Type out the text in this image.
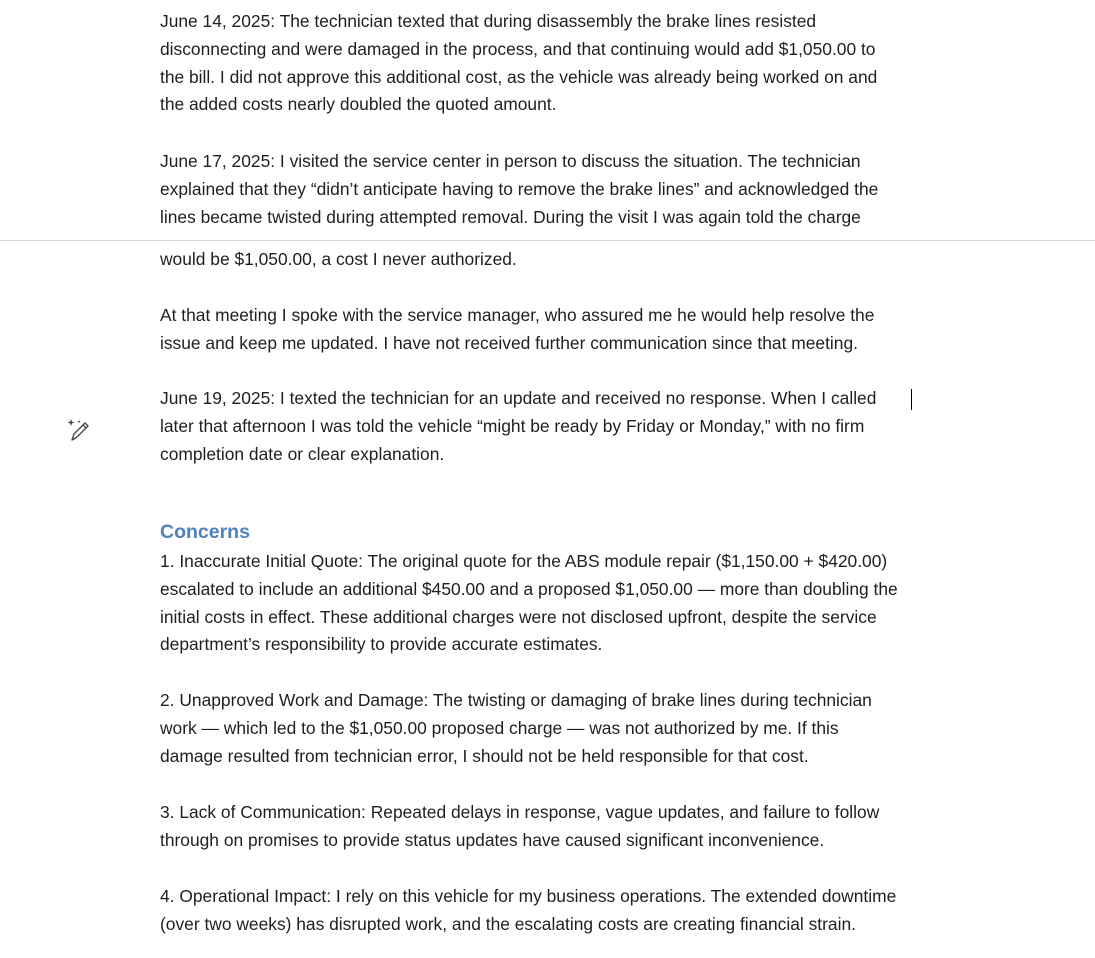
June 14, 2025: The technician texted that during disassembly the brake lines resisted
disconnecting and were damaged in the process, and that continuing would add $1,050.00 to
the bill. I did not approve this additional cost, as the vehicle was already being worked on and
the added costs nearly doubled the quoted amount.

June 17, 2025: I visited the service center in person to discuss the situation. The technician
explained that they “didn’t anticipate having to remove the brake lines” and acknowledged the
lines became twisted during attempted removal. During the visit I was again told the charge

would be $1,050.00, a cost I never authorized.

At that meeting I spoke with the service manager, who assured me he would help resolve the
issue and keep me updated. I have not received further communication since that meeting.

June 19, 2025: I texted the technician for an update and received no response. When I called
later that afternoon I was told the vehicle “might be ready by Friday or Monday,” with no firm
completion date or clear explanation.

Concerns

1. Inaccurate Initial Quote: The original quote for the ABS module repair ($1,150.00 + $420.00)
escalated to include an additional $450.00 and a proposed $1,050.00 — more than doubling the
initial costs in effect. These additional charges were not disclosed upfront, despite the service
department’s responsibility to provide accurate estimates.

2. Unapproved Work and Damage: The twisting or damaging of brake lines during technician
work — which led to the $1,050.00 proposed charge — was not authorized by me. If this
damage resulted from technician error, I should not be held responsible for that cost.

3. Lack of Communication: Repeated delays in response, vague updates, and failure to follow
through on promises to provide status updates have caused significant inconvenience.

4. Operational Impact: I rely on this vehicle for my business operations. The extended downtime
(over two weeks) has disrupted work, and the escalating costs are creating financial strain.
